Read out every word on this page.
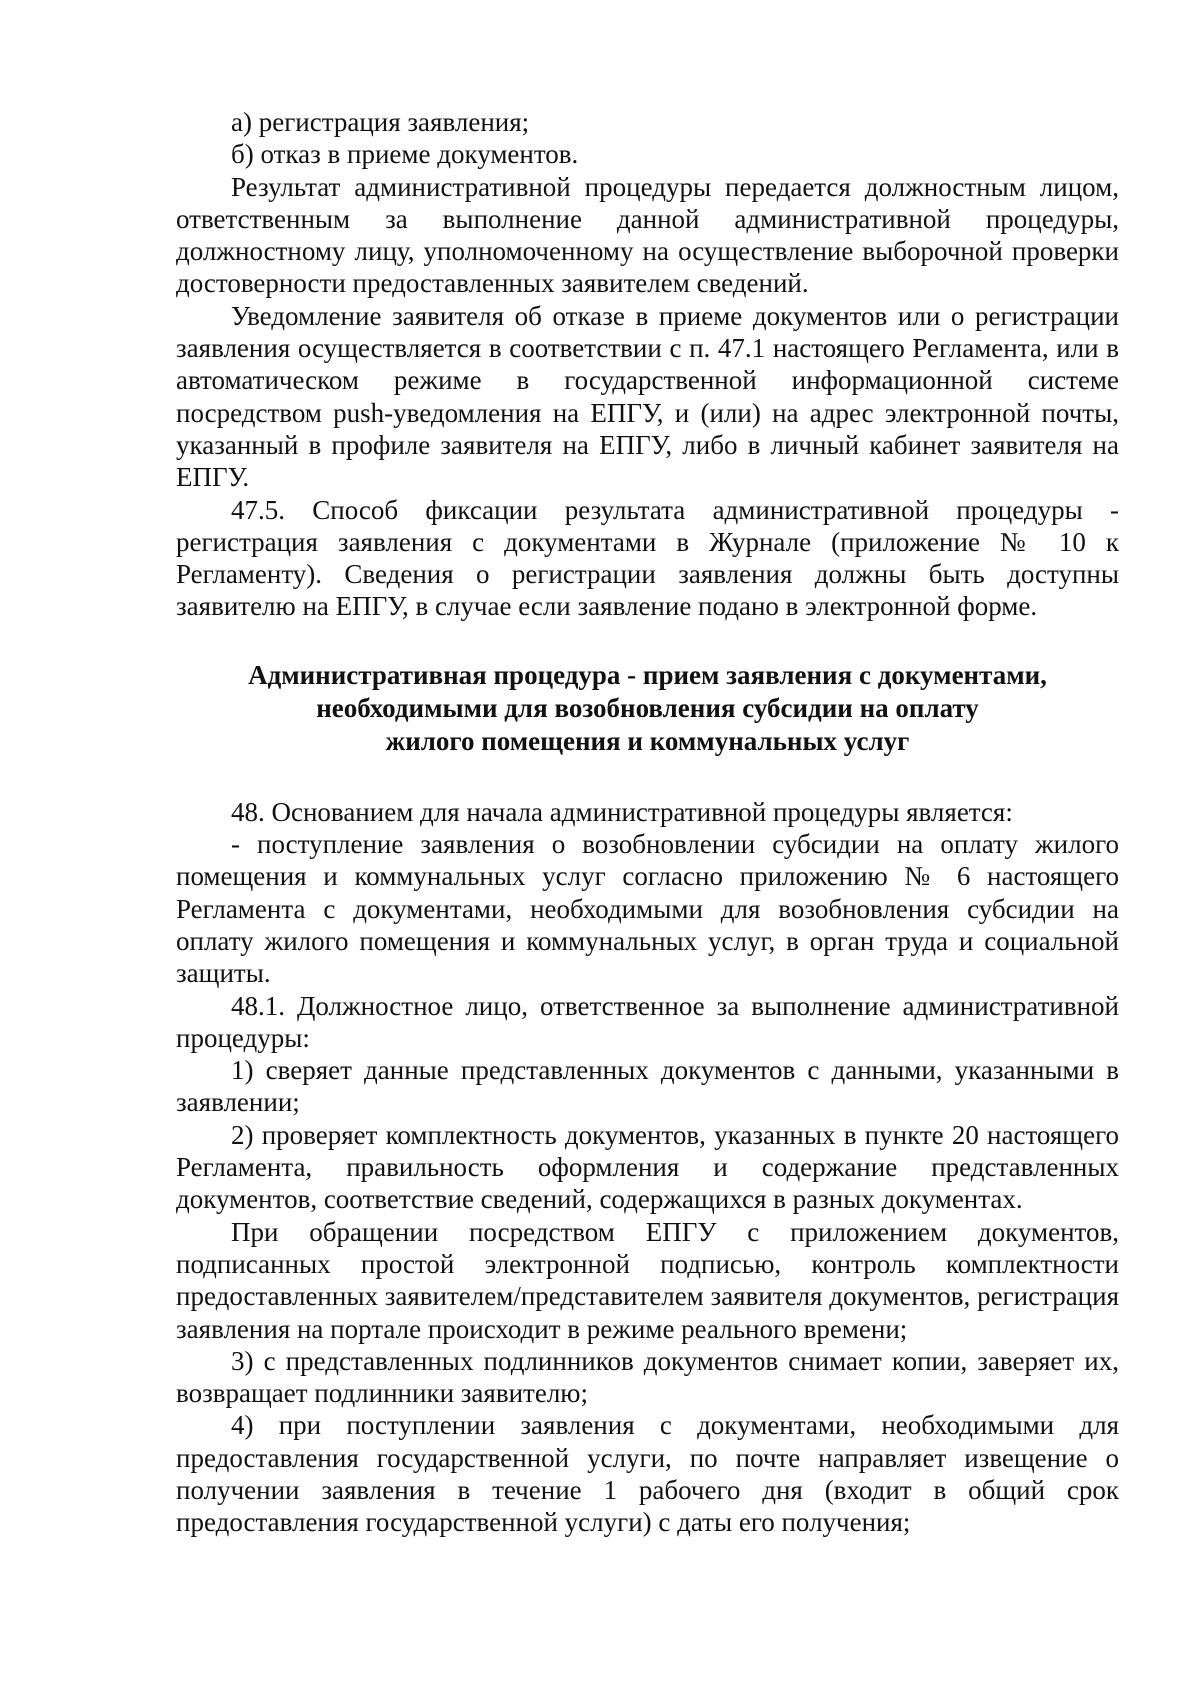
а) регистрация заявления;

б) отказ в приеме документов.

Результат административной процедуры передается должностным лицом, ответственным за выполнение данной административной процедуры, должностному лицу, уполномоченному на осуществление выборочной проверки достоверности предоставленных заявителем сведений.

Уведомление заявителя об отказе в приеме документов или о регистрации заявления осуществляется в соответствии с п. 47.1 настоящего Регламента, или в автоматическом режиме в государственной информационной системе посредством push-уведомления на ЕПГУ, и (или) на адрес электронной почты, указанный в профиле заявителя на ЕПГУ, либо в личный кабинет заявителя на ЕПГУ.

47.5. Способ фиксации результата административной процедуры - регистрация заявления с документами в Журнале (приложение № 10 к Регламенту). Сведения о регистрации заявления должны быть доступны заявителю на ЕПГУ, в случае если заявление подано в электронной форме.

Административная процедура - прием заявления с документами,
необходимыми для возобновления субсидии на оплату
жилого помещения и коммунальных услуг

48. Основанием для начала административной процедуры является:

- поступление заявления о возобновлении субсидии на оплату жилого помещения и коммунальных услуг согласно приложению № 6 настоящего Регламента с документами, необходимыми для возобновления субсидии на оплату жилого помещения и коммунальных услуг, в орган труда и социальной защиты.

48.1. Должностное лицо, ответственное за выполнение административной процедуры:

1) сверяет данные представленных документов с данными, указанными в заявлении;

2) проверяет комплектность документов, указанных в пункте 20 настоящего Регламента, правильность оформления и содержание представленных документов, соответствие сведений, содержащихся в разных документах.

При обращении посредством ЕПГУ с приложением документов, подписанных простой электронной подписью, контроль комплектности предоставленных заявителем/представителем заявителя документов, регистрация заявления на портале происходит в режиме реального времени;

3) с представленных подлинников документов снимает копии, заверяет их, возвращает подлинники заявителю;

4) при поступлении заявления с документами, необходимыми для предоставления государственной услуги, по почте направляет извещение о получении заявления в течение 1 рабочего дня (входит в общий срок предоставления государственной услуги) с даты его получения;
